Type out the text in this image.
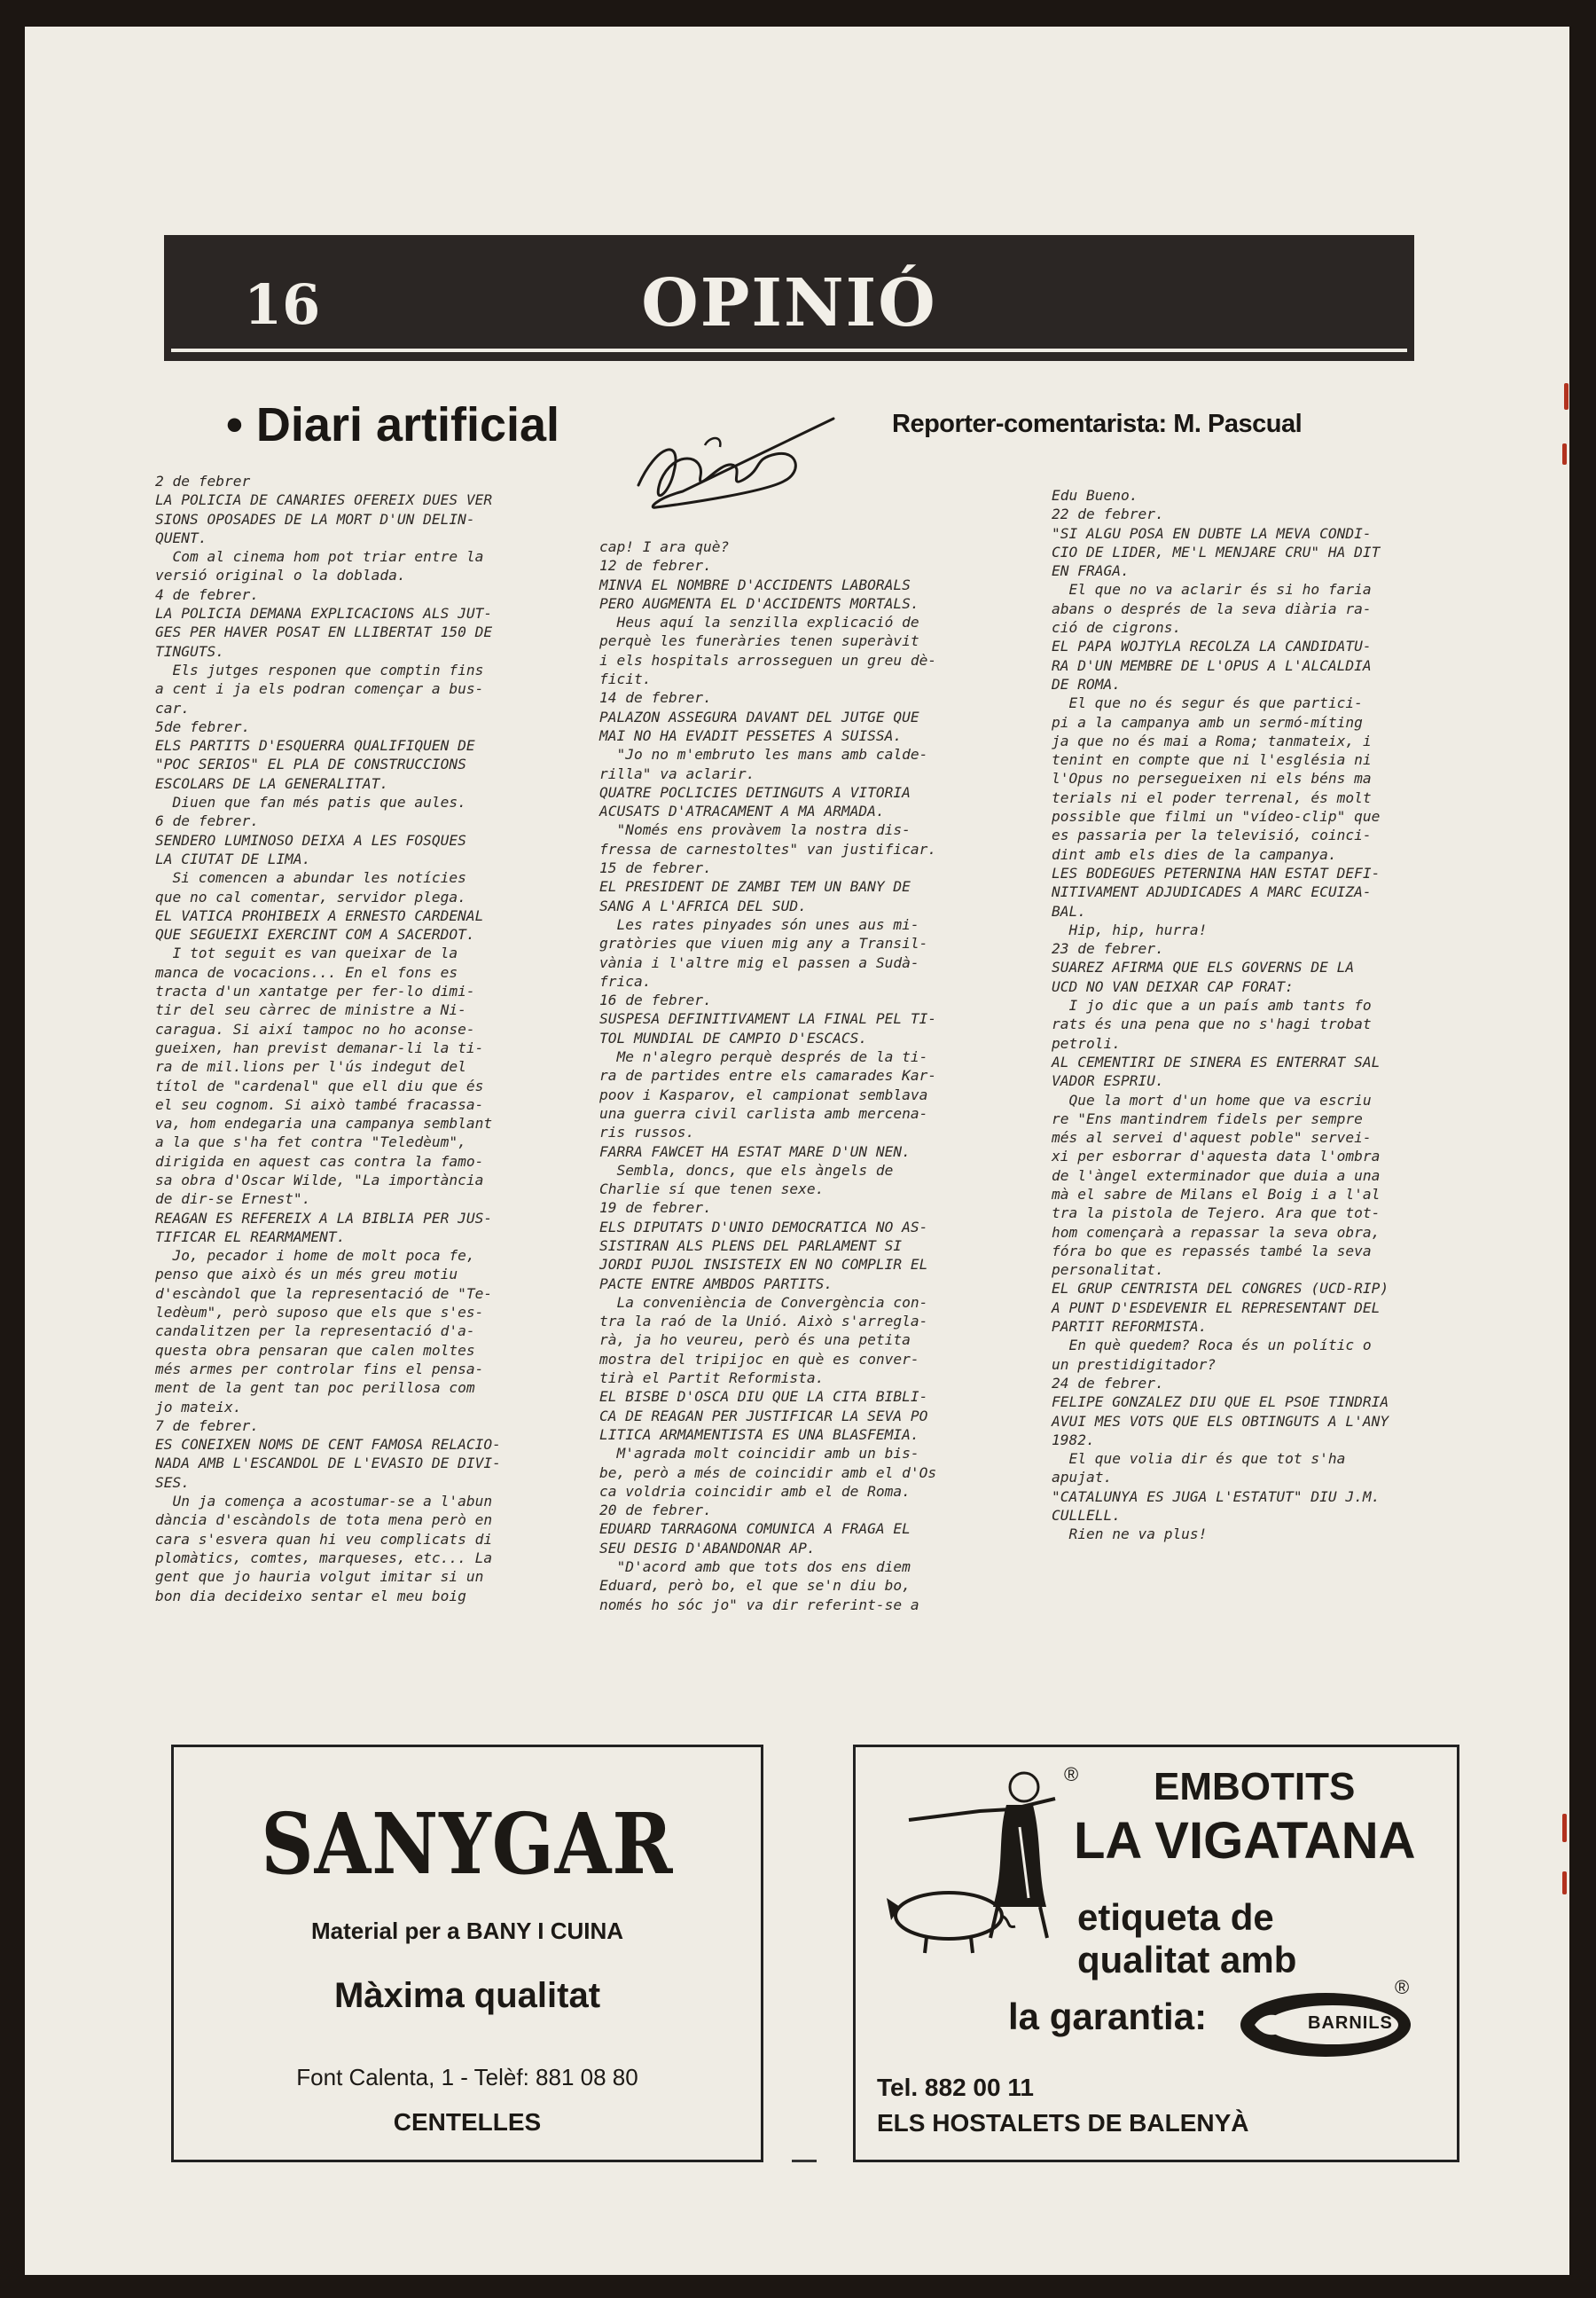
16	OPINIÓ
• Diari artificial	Reporter-comentarista: M. Pascual
2 de febrer
LA POLICIA DE CANARIES OFEREIX DUES VER
SIONS OPOSADES DE LA MORT D'UN DELIN-
QUENT.
Com al cinema hom pot triar entre la
versió original o la doblada.
4 de febrer.
LA POLICIA DEMANA EXPLICACIONS ALS JUT-
GES PER HAVER POSAT EN LLIBERTAT 150 DE
TINGUTS.
Els jutges responen que comptin fins
a cent i ja els podran començar a bus-
car.
5de febrer.
ELS PARTITS D'ESQUERRA QUALIFIQUEN DE
"POC SERIOS" EL PLA DE CONSTRUCCIONS
ESCOLARS DE LA GENERALITAT.
Diuen que fan més patis que aules.
6 de febrer.
SENDERO LUMINOSO DEIXA A LES FOSQUES
LA CIUTAT DE LIMA.
Si comencen a abundar les notícies
que no cal comentar, servidor plega.
EL VATICA PROHIBEIX A ERNESTO CARDENAL
QUE SEGUEIXI EXERCINT COM A SACERDOT.
I tot seguit es van queixar de la
manca de vocacions... En el fons es
tracta d'un xantatge per fer-lo dimi-
tir del seu càrrec de ministre a Ni-
caragua. Si així tampoc no ho aconse-
gueixen, han previst demanar-li la ti-
ra de mil.lions per l'ús indegut del
títol de "cardenal" que ell diu que és
el seu cognom. Si això també fracassa-
va, hom endegaria una campanya semblant
a la que s'ha fet contra "Teledèum",
dirigida en aquest cas contra la famo-
sa obra d'Oscar Wilde, "La importància
de dir-se Ernest".
REAGAN ES REFEREIX A LA BIBLIA PER JUS-
TIFICAR EL REARMAMENT.
Jo, pecador i home de molt poca fe,
penso que això és un més greu motiu
d'escàndol que la representació de "Te-
ledèum", però suposo que els que s'es-
candalitzen per la representació d'a-
questa obra pensaran que calen moltes
més armes per controlar fins el pensa-
ment de la gent tan poc perillosa com
jo mateix.
7 de febrer.
ES CONEIXEN NOMS DE CENT FAMOSA RELACIO-
NADA AMB L'ESCANDOL DE L'EVASIO DE DIVI-
SES.
Un ja comença a acostumar-se a l'abun
dància d'escàndols de tota mena però en
cara s'esvera quan hi veu complicats di
plomàtics, comtes, marqueses, etc... La
gent que jo hauria volgut imitar si un
bon dia decideixo sentar el meu boig
cap! I ara què?
12 de febrer.
MINVA EL NOMBRE D'ACCIDENTS LABORALS
PERO AUGMENTA EL D'ACCIDENTS MORTALS.
Heus aquí la senzilla explicació de
perquè les funeràries tenen superàvit
i els hospitals arrosseguen un greu dè-
ficit.
14 de febrer.
PALAZON ASSEGURA DAVANT DEL JUTGE QUE
MAI NO HA EVADIT PESSETES A SUISSA.
"Jo no m'embruto les mans amb calde-
rilla" va aclarir.
QUATRE POCLICIES DETINGUTS A VITORIA
ACUSATS D'ATRACAMENT A MA ARMADA.
"Només ens provàvem la nostra dis-
fressa de carnestoltes" van justificar.
15 de febrer.
EL PRESIDENT DE ZAMBI TEM UN BANY DE
SANG A L'AFRICA DEL SUD.
Les rates pinyades són unes aus mi-
gratòries que viuen mig any a Transil-
vània i l'altre mig el passen a Sudà-
frica.
16 de febrer.
SUSPESA DEFINITIVAMENT LA FINAL PEL TI-
TOL MUNDIAL DE CAMPIO D'ESCACS.
Me n'alegro perquè després de la ti-
ra de partides entre els camarades Kar-
poov i Kasparov, el campionat semblava
una guerra civil carlista amb mercena-
ris russos.
FARRA FAWCET HA ESTAT MARE D'UN NEN.
Sembla, doncs, que els àngels de
Charlie sí que tenen sexe.
19 de febrer.
ELS DIPUTATS D'UNIO DEMOCRATICA NO AS-
SISTIRAN ALS PLENS DEL PARLAMENT SI
JORDI PUJOL INSISTEIX EN NO COMPLIR EL
PACTE ENTRE AMBDOS PARTITS.
La conveniència de Convergència con-
tra la raó de la Unió. Això s'arregla-
rà, ja ho veureu, però és una petita
mostra del tripijoc en què es conver-
tirà el Partit Reformista.
EL BISBE D'OSCA DIU QUE LA CITA BIBLI-
CA DE REAGAN PER JUSTIFICAR LA SEVA PO
LITICA ARMAMENTISTA ES UNA BLASFEMIA.
M'agrada molt coincidir amb un bis-
be, però a més de coincidir amb el d'Os
ca voldria coincidir amb el de Roma.
20 de febrer.
EDUARD TARRAGONA COMUNICA A FRAGA EL
SEU DESIG D'ABANDONAR AP.
"D'acord amb que tots dos ens diem
Eduard, però bo, el que se'n diu bo,
només ho sóc jo" va dir referint-se a
Edu Bueno.
22 de febrer.
"SI ALGU POSA EN DUBTE LA MEVA CONDI-
CIO DE LIDER, ME'L MENJARE CRU" HA DIT
EN FRAGA.
El que no va aclarir és si ho faria
abans o després de la seva diària ra-
ció de cigrons.
EL PAPA WOJTYLA RECOLZA LA CANDIDATU-
RA D'UN MEMBRE DE L'OPUS A L'ALCALDIA
DE ROMA.
El que no és segur és que partici-
pi a la campanya amb un sermó-míting
ja que no és mai a Roma; tanmateix, i
tenint en compte que ni l'església ni
l'Opus no persegueixen ni els béns ma
terials ni el poder terrenal, és molt
possible que filmi un "vídeo-clip" que
es passaria per la televisió, coinci-
dint amb els dies de la campanya.
LES BODEGUES PETERNINA HAN ESTAT DEFI-
NITIVAMENT ADJUDICADES A MARC ECUIZA-
BAL.
Hip, hip, hurra!
23 de febrer.
SUAREZ AFIRMA QUE ELS GOVERNS DE LA
UCD NO VAN DEIXAR CAP FORAT:
I jo dic que a un país amb tants fo
rats és una pena que no s'hagi trobat
petroli.
AL CEMENTIRI DE SINERA ES ENTERRAT SAL
VADOR ESPRIU.
Que la mort d'un home que va escriu
re "Ens mantindrem fidels per sempre
més al servei d'aquest poble" servei-
xi per esborrar d'aquesta data l'ombra
de l'àngel exterminador que duia a una
mà el sabre de Milans el Boig i a l'al
tra la pistola de Tejero. Ara que tot-
hom començarà a repassar la seva obra,
fóra bo que es repassés també la seva
personalitat.
EL GRUP CENTRISTA DEL CONGRES (UCD-RIP)
A PUNT D'ESDEVENIR EL REPRESENTANT DEL
PARTIT REFORMISTA.
En què quedem? Roca és un polític o
un prestidigitador?
24 de febrer.
FELIPE GONZALEZ DIU QUE EL PSOE TINDRIA
AVUI MES VOTS QUE ELS OBTINGUTS A L'ANY
1982.
El que volia dir és que tot s'ha
apujat.
"CATALUNYA ES JUGA L'ESTATUT" DIU J.M.
CULLELL.
Rien ne va plus!
SANYGAR
Material per a BANY I CUINA
Màxima qualitat
Font Calenta, 1 - Telèf: 881 08 80
CENTELLES
® EMBOTITS
LA VIGATANA
etiqueta de
qualitat amb
la garantia:	BARNILS
®
Tel. 882 00 11
ELS HOSTALETS DE BALENYÀ
